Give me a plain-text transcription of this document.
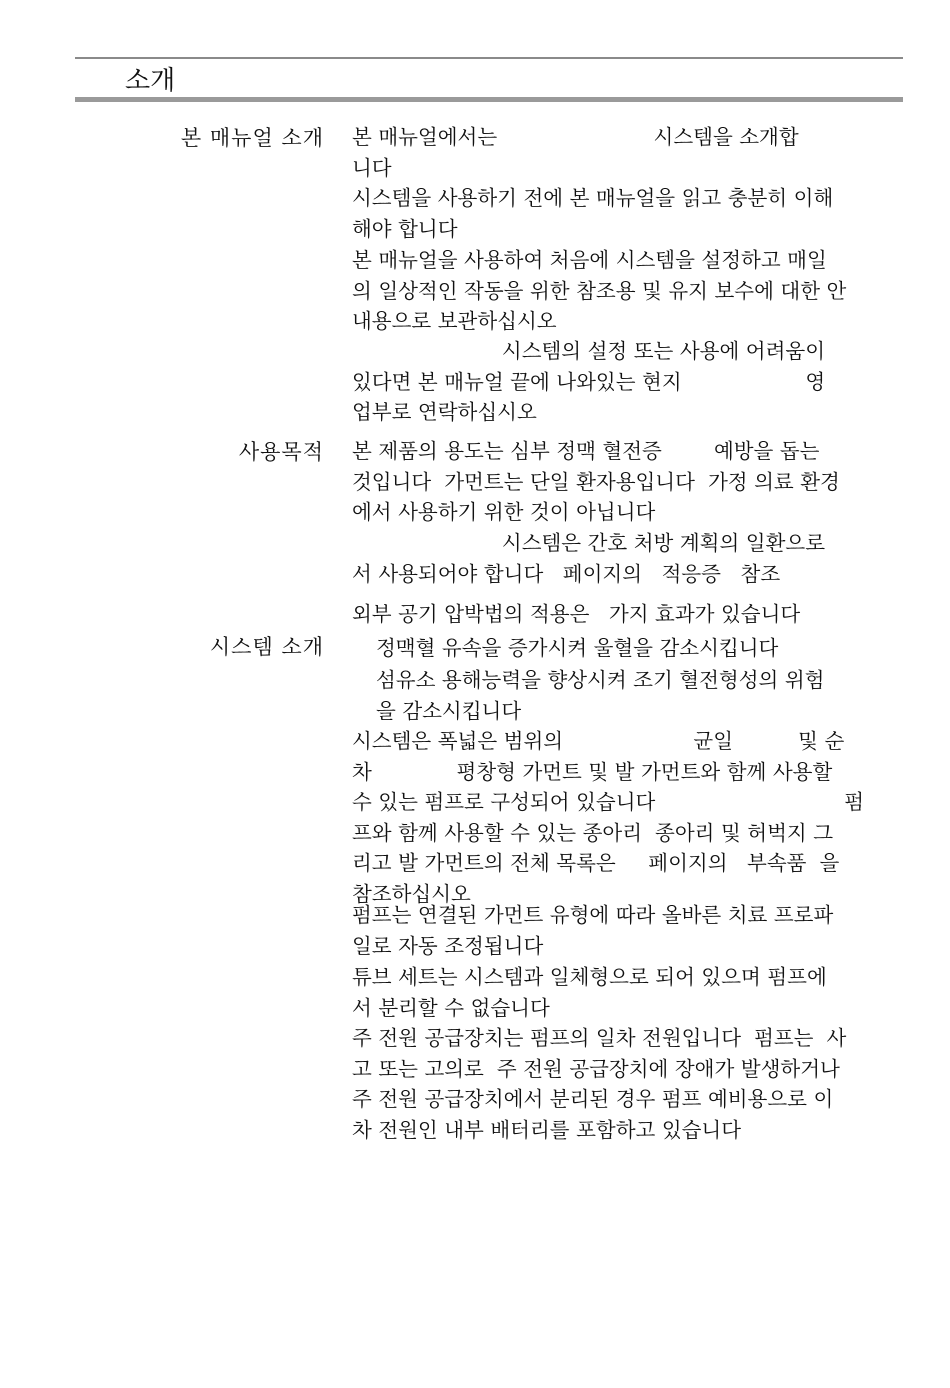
소개
본 매뉴얼 소개 본 매뉴얼에서는                        시스템을 소개합
니다
시스템을 사용하기 전에 본 매뉴얼을 읽고 충분히 이해
해야 합니다
본 매뉴얼을 사용하여 처음에 시스템을 설정하고 매일
의 일상적인 작동을 위한 참조용 및 유지 보수에 대한 안
내용으로 보관하십시오
시스템의 설정 또는 사용에 어려움이
있다면 본 매뉴얼 끝에 나와있는 현지                   영
업부로 연락하십시오
사용목적 본 제품의 용도는 심부 정맥 혈전증        예방을 돕는
것입니다  가먼트는 단일 환자용입니다  가정 의료 환경
에서 사용하기 위한 것이 아닙니다
시스템은 간호 처방 계획의 일환으로
서 사용되어야 합니다   페이지의   적응증   참조
외부 공기 압박법의 적용은   가지 효과가 있습니다
시스템 소개	정맥혈 유속을 증가시켜 울혈을 감소시킵니다
섬유소 용해능력을 향상시켜 조기 혈전형성의 위험
을 감소시킵니다
시스템은 폭넓은 범위의                    균일          및 순
차             평창형 가먼트 및 발 가먼트와 함께 사용할
수 있는 펌프로 구성되어 있습니다                             펌
프와 함께 사용할 수 있는 종아리  종아리 및 허벅지 그
리고 발 가먼트의 전체 목록은     페이지의   부속품  을
참조하십시오
펌프는 연결된 가먼트 유형에 따라 올바른 치료 프로파
일로 자동 조정됩니다
튜브 세트는 시스템과 일체형으로 되어 있으며 펌프에
서 분리할 수 없습니다
주 전원 공급장치는 펌프의 일차 전원입니다  펌프는  사
고 또는 고의로  주 전원 공급장치에 장애가 발생하거나
주 전원 공급장치에서 분리된 경우 펌프 예비용으로 이
차 전원인 내부 배터리를 포함하고 있습니다
